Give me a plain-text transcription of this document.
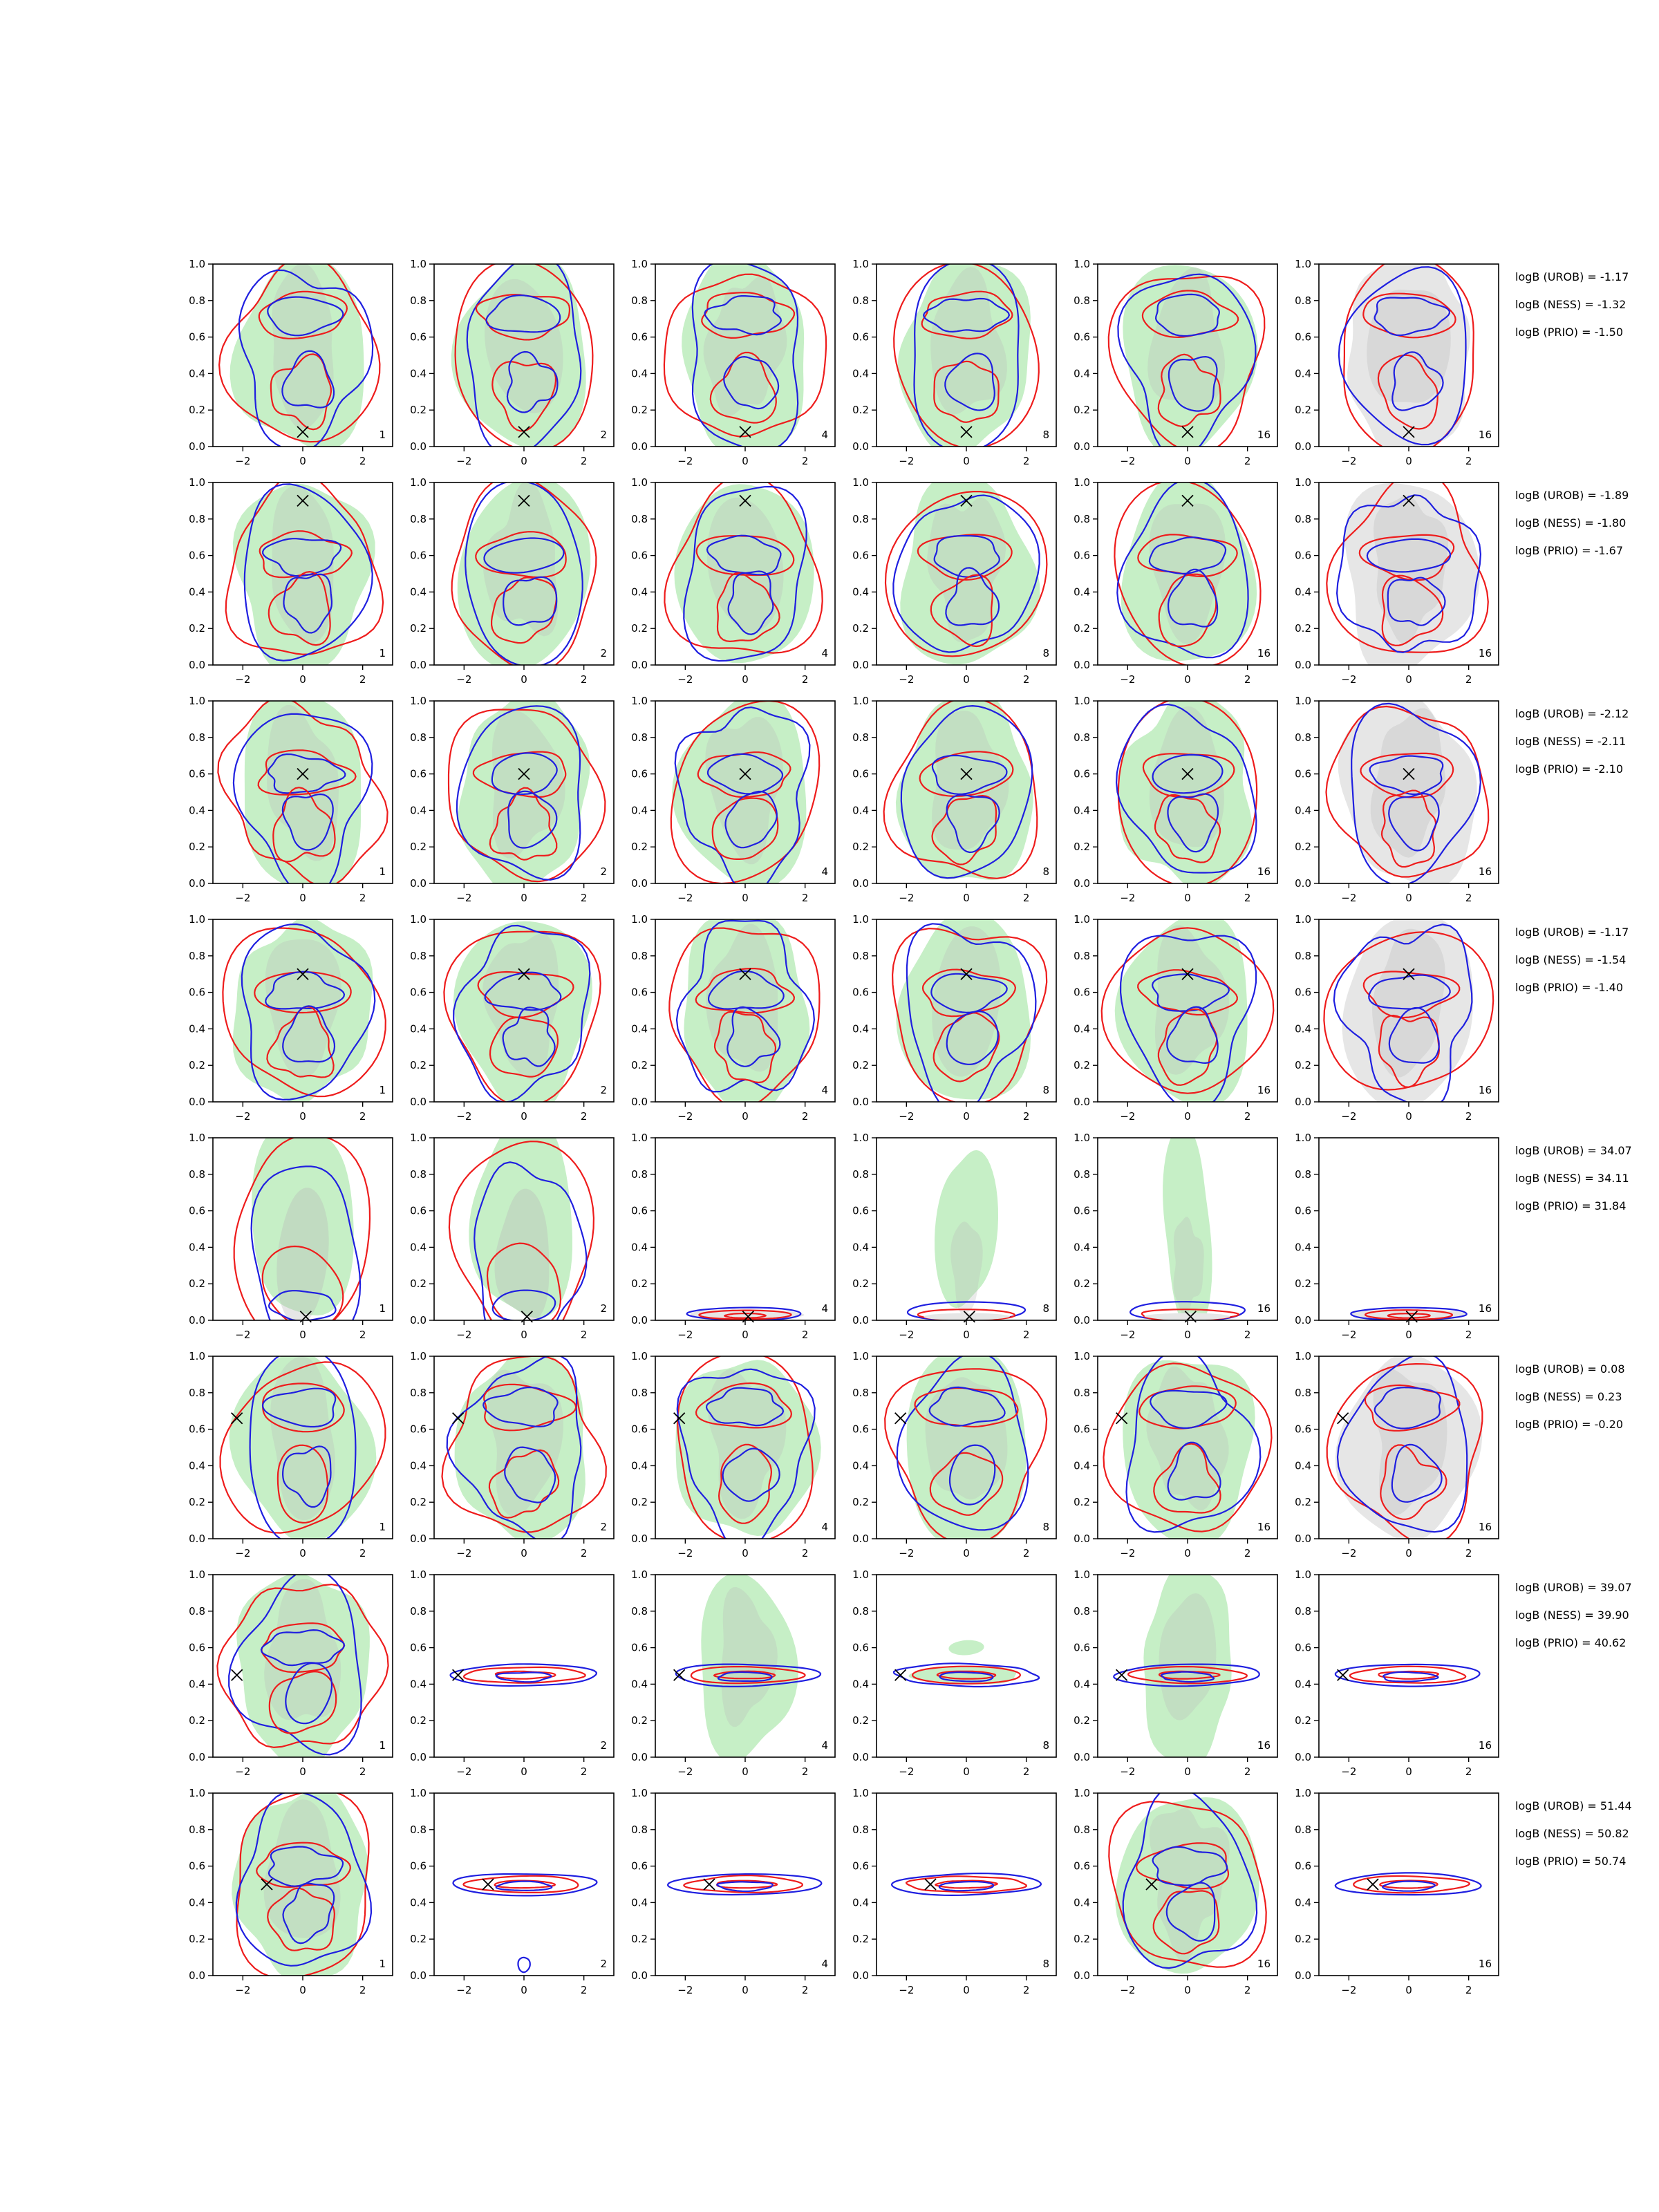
−2	0	2
0.0
0.2
0.4
0.6
0.8
1.0
1
−2	0	2
0.0
0.2
0.4
0.6
0.8
1.0
2
−2	0	2
0.0
0.2
0.4
0.6
0.8
1.0
4
−2	0	2
0.0
0.2
0.4
0.6
0.8
1.0
8
−2	0	2
0.0
0.2
0.4
0.6
0.8
1.0
16
−2	0	2
0.0
0.2
0.4
0.6
0.8
1.0
16
logB (UROB) = -1.17
logB (NESS) = -1.32
logB (PRIO) = -1.50
−2	0	2
0.0
0.2
0.4
0.6
0.8
1.0
1
−2	0	2
0.0
0.2
0.4
0.6
0.8
1.0
2
−2	0	2
0.0
0.2
0.4
0.6
0.8
1.0
4
−2	0	2
0.0
0.2
0.4
0.6
0.8
1.0
8
−2	0	2
0.0
0.2
0.4
0.6
0.8
1.0
16
−2	0	2
0.0
0.2
0.4
0.6
0.8
1.0
16
logB (UROB) = -1.89
logB (NESS) = -1.80
logB (PRIO) = -1.67
−2	0	2
0.0
0.2
0.4
0.6
0.8
1.0
1
−2	0	2
0.0
0.2
0.4
0.6
0.8
1.0
2
−2	0	2
0.0
0.2
0.4
0.6
0.8
1.0
4
−2	0	2
0.0
0.2
0.4
0.6
0.8
1.0
8
−2	0	2
0.0
0.2
0.4
0.6
0.8
1.0
16
−2	0	2
0.0
0.2
0.4
0.6
0.8
1.0
16
logB (UROB) = -2.12
logB (NESS) = -2.11
logB (PRIO) = -2.10
−2	0	2
0.0
0.2
0.4
0.6
0.8
1.0
1
−2	0	2
0.0
0.2
0.4
0.6
0.8
1.0
2
−2	0	2
0.0
0.2
0.4
0.6
0.8
1.0
4
−2	0	2
0.0
0.2
0.4
0.6
0.8
1.0
8
−2	0	2
0.0
0.2
0.4
0.6
0.8
1.0
16
−2	0	2
0.0
0.2
0.4
0.6
0.8
1.0
16
logB (UROB) = -1.17
logB (NESS) = -1.54
logB (PRIO) = -1.40
−2	0	2
0.0
0.2
0.4
0.6
0.8
1.0
1
−2	0	2
0.0
0.2
0.4
0.6
0.8
1.0
2
−2	0	2
0.0
0.2
0.4
0.6
0.8
1.0
4
−2	0	2
0.0
0.2
0.4
0.6
0.8
1.0
8
−2	0	2
0.0
0.2
0.4
0.6
0.8
1.0
16
−2	0	2
0.0
0.2
0.4
0.6
0.8
1.0
16
logB (UROB) = 34.07
logB (NESS) = 34.11
logB (PRIO) = 31.84
−2	0	2
0.0
0.2
0.4
0.6
0.8
1.0
1
−2	0	2
0.0
0.2
0.4
0.6
0.8
1.0
2
−2	0	2
0.0
0.2
0.4
0.6
0.8
1.0
4
−2	0	2
0.0
0.2
0.4
0.6
0.8
1.0
8
−2	0	2
0.0
0.2
0.4
0.6
0.8
1.0
16
−2	0	2
0.0
0.2
0.4
0.6
0.8
1.0
16
logB (UROB) = 0.08
logB (NESS) = 0.23
logB (PRIO) = -0.20
−2	0	2
0.0
0.2
0.4
0.6
0.8
1.0
1
−2	0	2
0.0
0.2
0.4
0.6
0.8
1.0
2
−2	0	2
0.0
0.2
0.4
0.6
0.8
1.0
4
−2	0	2
0.0
0.2
0.4
0.6
0.8
1.0
8
−2	0	2
0.0
0.2
0.4
0.6
0.8
1.0
16
−2	0	2
0.0
0.2
0.4
0.6
0.8
1.0
16
logB (UROB) = 39.07
logB (NESS) = 39.90
logB (PRIO) = 40.62
−2	0	2
0.0
0.2
0.4
0.6
0.8
1.0
1
−2	0	2
0.0
0.2
0.4
0.6
0.8
1.0
2
−2	0	2
0.0
0.2
0.4
0.6
0.8
1.0
4
−2	0	2
0.0
0.2
0.4
0.6
0.8
1.0
8
−2	0	2
0.0
0.2
0.4
0.6
0.8
1.0
16
−2	0	2
0.0
0.2
0.4
0.6
0.8
1.0
16
logB (UROB) = 51.44
logB (NESS) = 50.82
logB (PRIO) = 50.74
